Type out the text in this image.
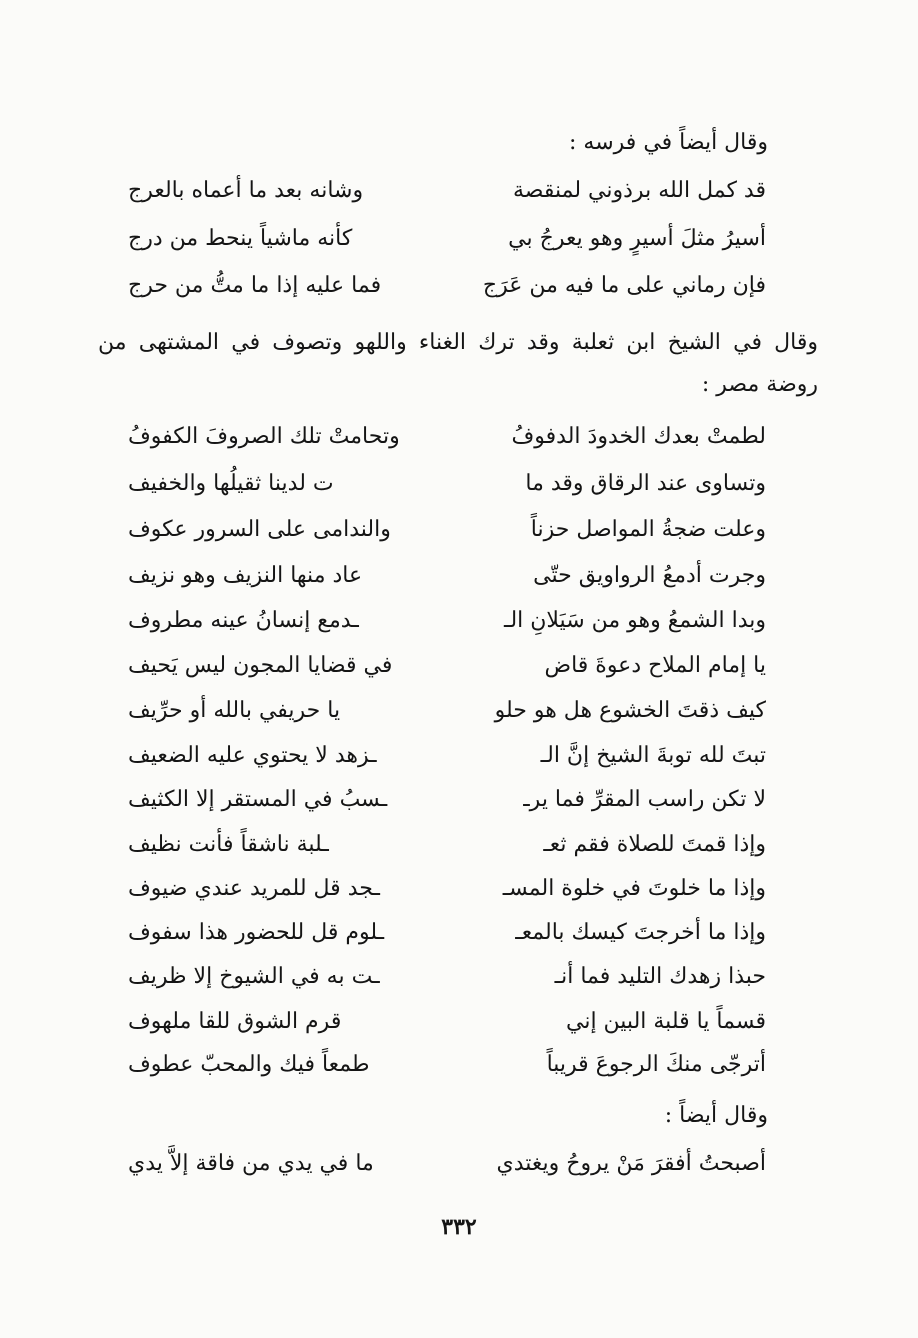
وقال أيضاً في فرسه :
قد كمل الله برذوني لمنقصة
وشانه بعد ما أعماه بالعرج
أسيرُ مثلَ أسيرٍ وهو يعرجُ بي
كأنه ماشياً ينحط من درج
فإن رماني على ما فيه من عَرَج
فما عليه إذا ما متُّ من حرج
وقال في الشيخ ابن ثعلبة وقد ترك الغناء واللهو وتصوف في المشتهى من
روضة مصر :
لطمتْ بعدك الخدودَ الدفوفُ
وتحامتْ تلك الصروفَ الكفوفُ
وتساوى عند الرقاق وقد ما
ت لدينا ثقيلُها والخفيف
وعلت ضجةُ المواصل حزناً
والندامى على السرور عكوف
وجرت أدمعُ الرواويق حتّى
عاد منها النزيف وهو نزيف
وبدا الشمعُ وهو من سَيَلانِ الـ
ـدمع إنسانُ عينه مطروف
يا إمام الملاح دعوةَ قاض
في قضايا المجون ليس يَحيف
كيف ذقتَ الخشوع هل هو حلو
يا حريفي بالله أو حرِّيف
تبتَ لله توبةَ الشيخ إنَّ الـ
ـزهد لا يحتوي عليه الضعيف
لا تكن راسب المقرِّ فما يرـ
ـسبُ في المستقر إلا الكثيف
وإذا قمتَ للصلاة فقم ثعـ
ـلبة ناشقاً فأنت نظيف
وإذا ما خلوتَ في خلوة المسـ
ـجد قل للمريد عندي ضيوف
وإذا ما أخرجتَ كيسك بالمعـ
ـلوم قل للحضور هذا سفوف
حبذا زهدك التليد فما أنـ
ـت به في الشيوخ إلا ظريف
قسماً يا قلبة البين إني
قرم الشوق للقا ملهوف
أترجّى منكَ الرجوعَ قريباً
طمعاً فيك والمحبّ عطوف
وقال أيضاً :
أصبحتُ أفقرَ مَنْ يروحُ ويغتدي
ما في يدي من فاقة إلاَّ يدي
٣٣٢
